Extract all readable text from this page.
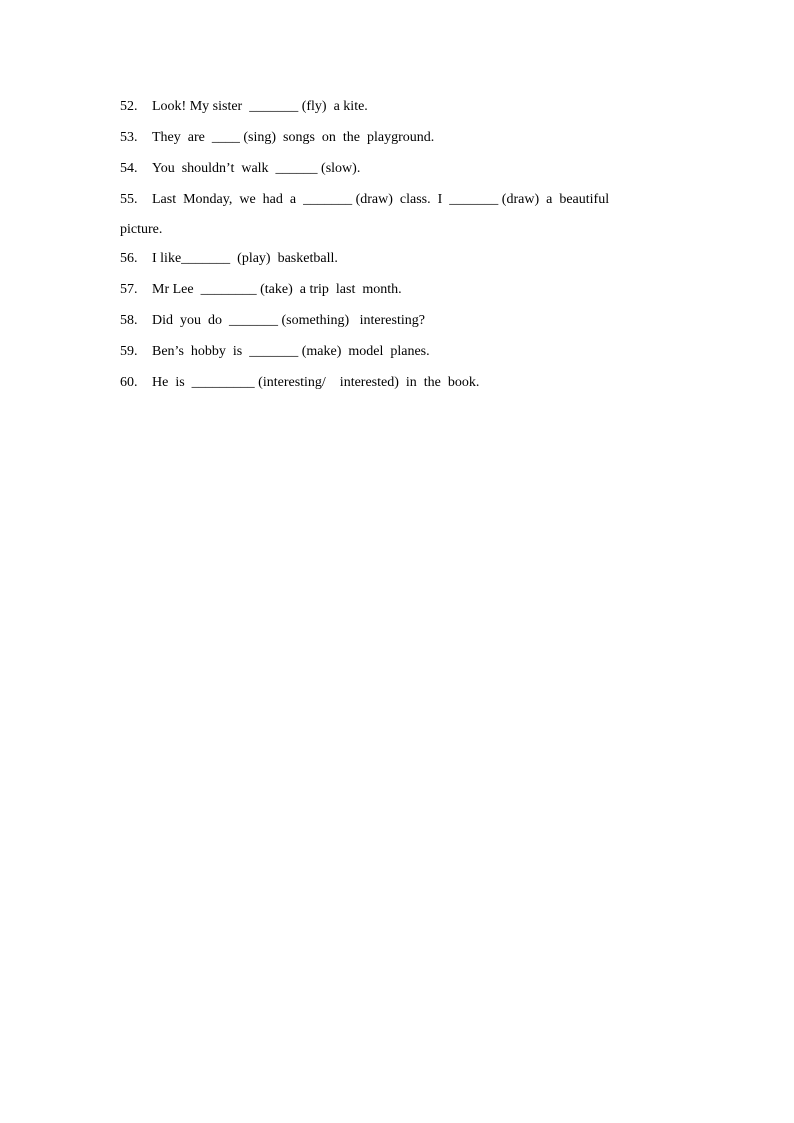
52. Look! My sister  _______ (fly)  a kite.
53. They  are  ____ (sing)  songs  on  the  playground.
54. You  shouldn’t  walk  ______ (slow).
55. Last  Monday,  we  had  a  _______ (draw)  class.  I  _______ (draw)  a  beautiful
picture.
56. I like_______  (play)  basketball.
57. Mr Lee  ________ (take)  a trip  last  month.
58. Did  you  do  _______ (something)   interesting?
59. Ben’s  hobby  is  _______ (make)  model  planes.
60. He  is  _________ (interesting/    interested)  in  the  book.
